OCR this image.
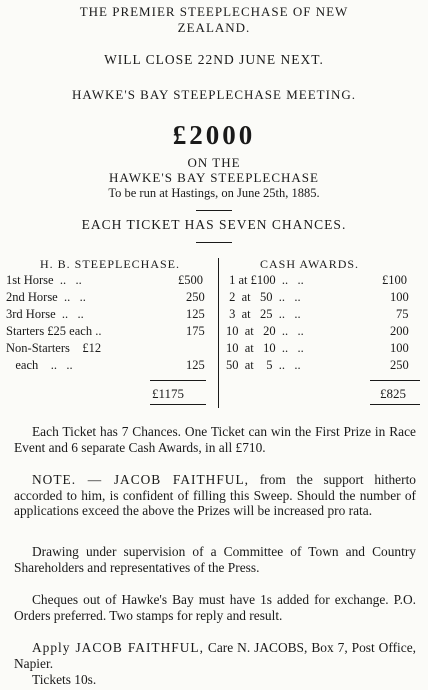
THE PREMIER STEEPLECHASE OF NEW
ZEALAND.
WILL CLOSE 22ND JUNE NEXT.
HAWKE'S BAY STEEPLECHASE MEETING.
£2000
ON THE
HAWKE'S BAY STEEPLECHASE
To be run at Hastings, on June 25th, 1885.
EACH TICKET HAS SEVEN CHANCES.
H. B. STEEPLECHASE.	CASH AWARDS.
1st Horse  ..   ..
2nd Horse  ..   ..
3rd Horse  ..   ..
Starters £25 each ..
Non-Starters    £12
each    ..   ..
£500
250
125
175
125
1 at £100  ..   ..
2  at   50  ..   ..
3  at   25  ..   ..
10  at   20  ..   ..
10  at   10  ..   ..
50  at    5  ..   ..
£100
100
75
200
100
250
£1175	£825
Each Ticket has 7 Chances. One Ticket can win the First Prize in Race Event and 6 separate Cash Awards, in all £710.
NOTE. — JACOB FAITHFUL, from the support hitherto accorded to him, is confident of filling this Sweep. Should the number of applications exceed the above the Prizes will be increased pro rata.
Drawing under supervision of a Committee of Town and Country Shareholders and representatives of the Press.
Cheques out of Hawke's Bay must have 1s added for exchange. P.O. Orders preferred. Two stamps for reply and result.
Apply JACOB FAITHFUL, Care N. JACOBS, Box 7, Post Office, Napier.
Tickets 10s.
